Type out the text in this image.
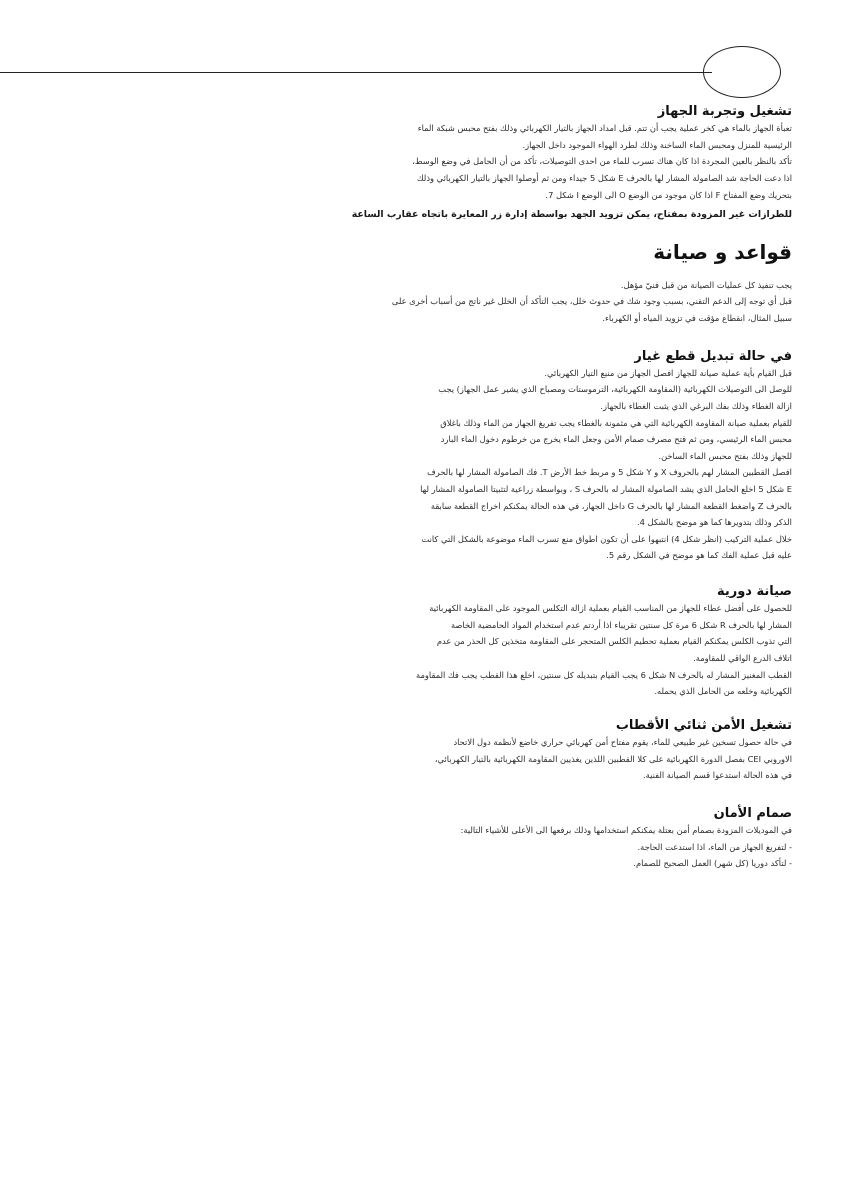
تشغيل وتجربة الجهاز
تعبأة الجهاز بالماء هي كخر عملية يجب أن تتم. قبل امداد الجهاز بالتيار الكهربائي وذلك بفتح محبس شبكة الماء
الرئيسية للمنزل ومحبس الماء الساخنة وذلك لطرد الهواء الموجود داخل الجهاز.
تأكد بالنظر بالعين المجردة اذا كان هناك تسرب للماء من احدى التوصيلات، تأكد من أن الحامل في وضع الوسط،
اذا دعت الحاجة شد الصامولة المشار لها بالحرف E شكل 5 جيداء ومن ثم أوصلوا الجهاز بالتيار الكهربائي وذلك
بتحريك وضع المفتاح F اذا كان موجود من الوضع O الى الوضع I شكل 7.
للطرازات غير المزودة بمفتاح، يمكن تزويد الجهد بواسطة إدارة زر المعايرة باتجاه عقارب الساعة
قواعد و صيانة
يجب تنفيذ كل عمليات الصيانة من قبل فنيّ مؤهل.
قبل أي توجه إلى الدعم التقني، بسبب وجود شك في حدوث خلل، يجب التأكد أن الخلل غير ناتج من أسباب أخرى على
سبيل المثال، انقطاع مؤقت في تزويد المياه أو الكهرباء.
في حالة تبديل قطع غيار
قبل القيام بأية عملية صيانة للجهاز افصل الجهاز من منبع التيار الكهربائي.
للوصل الى التوصيلات الكهربائية (المقاومة الكهربائية، الترموستات ومصباح الذي يشير عمل الجهاز) يجب
ازالة الغطاء وذلك بفك البرغي الذي يثبت الغطاء بالجهاز.
للقيام بعملية صيانة المقاومة الكهربائية التي هي مثمونة بالغطاء يجب تفريغ الجهاز من الماء وذلك باغلاق
محبس الماء الرئيسي، ومن ثم فتح مصرف صمام الأمن وجعل الماء يخرج من خرطوم دخول الماء البارد
للجهاز وذلك بفتح محبس الماء الساخن.
افصل القطبين المشار لهم بالحروف X و Y شكل 5 و مربط خط الأرض T. فك الصامولة المشار لها بالحرف
E شكل 5 اخلع الحامل الذي يشد الصامولة المشار له بالحرف S ، وبواسطة زراعية لتثبيتا الصامولة المشار لها
بالحرف Z واضغط القطعة المشار لها بالحرف G داخل الجهاز، في هذه الحالة يمكنكم اخراج القطعة سابقة
الذكر وذلك بتدويرها كما هو موضح بالشكل 4.
خلال عملية التركيب (انظر شكل 4) انتبهوا على أن تكون اطواق منع تسرب الماء موضوعة بالشكل التي كانت
عليه قبل عملية الفك كما هو موضح في الشكل رقم 5.
صيانة دورية
للحصول على أفضل عطاء للجهاز من المناسب القيام بعملية ازالة التكلس الموجود على المقاومة الكهربائية
المشار لها بالحرف R شكل 6 مرة كل سنتين تقريباء اذا أردتم عدم استخدام المواد الحامضية الخاصة
التي تذوب الكلس يمكنكم القيام بعملية تحطيم الكلس المتحجر على المقاومة متخذين كل الحذر من عدم
اتلاف الدرع الواقي للمقاومة.
القطب المغنيز المشار له بالحرف N شكل 6 يجب القيام بتبديله كل سنتين، اخلع هذا القطب يجب فك المقاومة
الكهربائية وخلعه من الحامل الذي يحمله.
تشغيل الأمن ثنائي الأقطاب
في حالة حصول تسخين غير طبيعي للماء، يقوم مفتاح أمن كهربائي حراري خاضع لأنظمة دول الاتحاد
الاوروبي CEI بفصل الدورة الكهربائية على كلا القطبين اللذين يغذيين المقاومة الكهربائية بالتيار الكهربائي،
في هذه الحالة استدعوا قسم الصيانة الفنية.
صمام الأمان
في الموديلات المزودة بصمام أمن بعتلة يمكنكم استخدامها وذلك برفعها الى الأعلى للأشياء التالية:
- لتفريغ الجهاز من الماء، اذا استدعت الحاجة.
- لتأكد دوريا (كل شهر) العمل الصحيح للصمام.
